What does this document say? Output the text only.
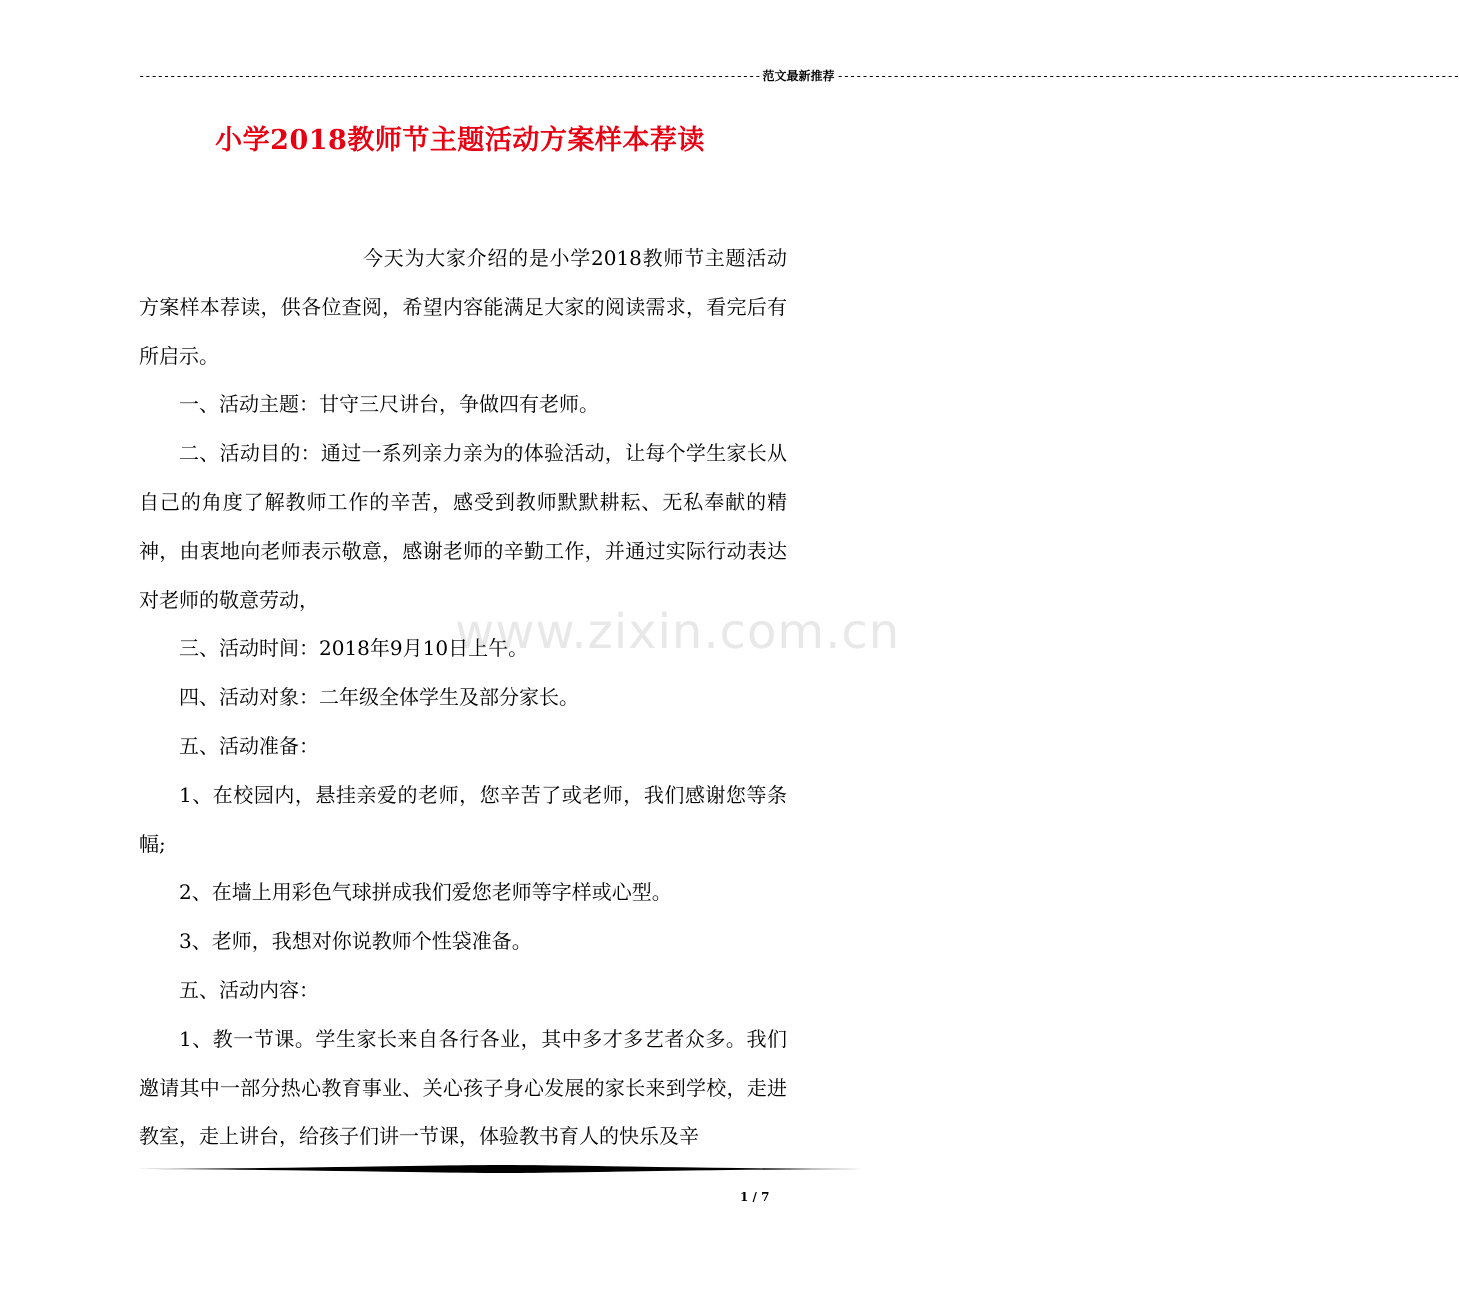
---------------------------------------------------------------------------------------------------- 范文最新推荐 ----------------------------------------------------------------------------------------------------
小学2018教师节主题活动方案样本荐读
www.zixin.com.cn

今天为大家介绍的是小学2018教师节主题活动方案样本荐读，供各位查阅，希望内容能满足大家的阅读需求，看完后有所启示。

一、活动主题：甘守三尺讲台，争做四有老师。

二、活动目的：通过一系列亲力亲为的体验活动，让每个学生家长从自己的角度了解教师工作的辛苦，感受到教师默默耕耘、无私奉献的精神，由衷地向老师表示敬意，感谢老师的辛勤工作，并通过实际行动表达对老师的敬意劳动，

三、活动时间：2018年9月10日上午。

四、活动对象：二年级全体学生及部分家长。

五、活动准备：

1、在校园内，悬挂亲爱的老师，您辛苦了或老师，我们感谢您等条幅;

2、在墙上用彩色气球拼成我们爱您老师等字样或心型。

3、老师，我想对你说教师个性袋准备。

五、活动内容：

1、教一节课。学生家长来自各行各业，其中多才多艺者众多。我们邀请其中一部分热心教育事业、关心孩子身心发展的家长来到学校，走进教室，走上讲台，给孩子们讲一节课，体验教书育人的快乐及辛

1 / 7
